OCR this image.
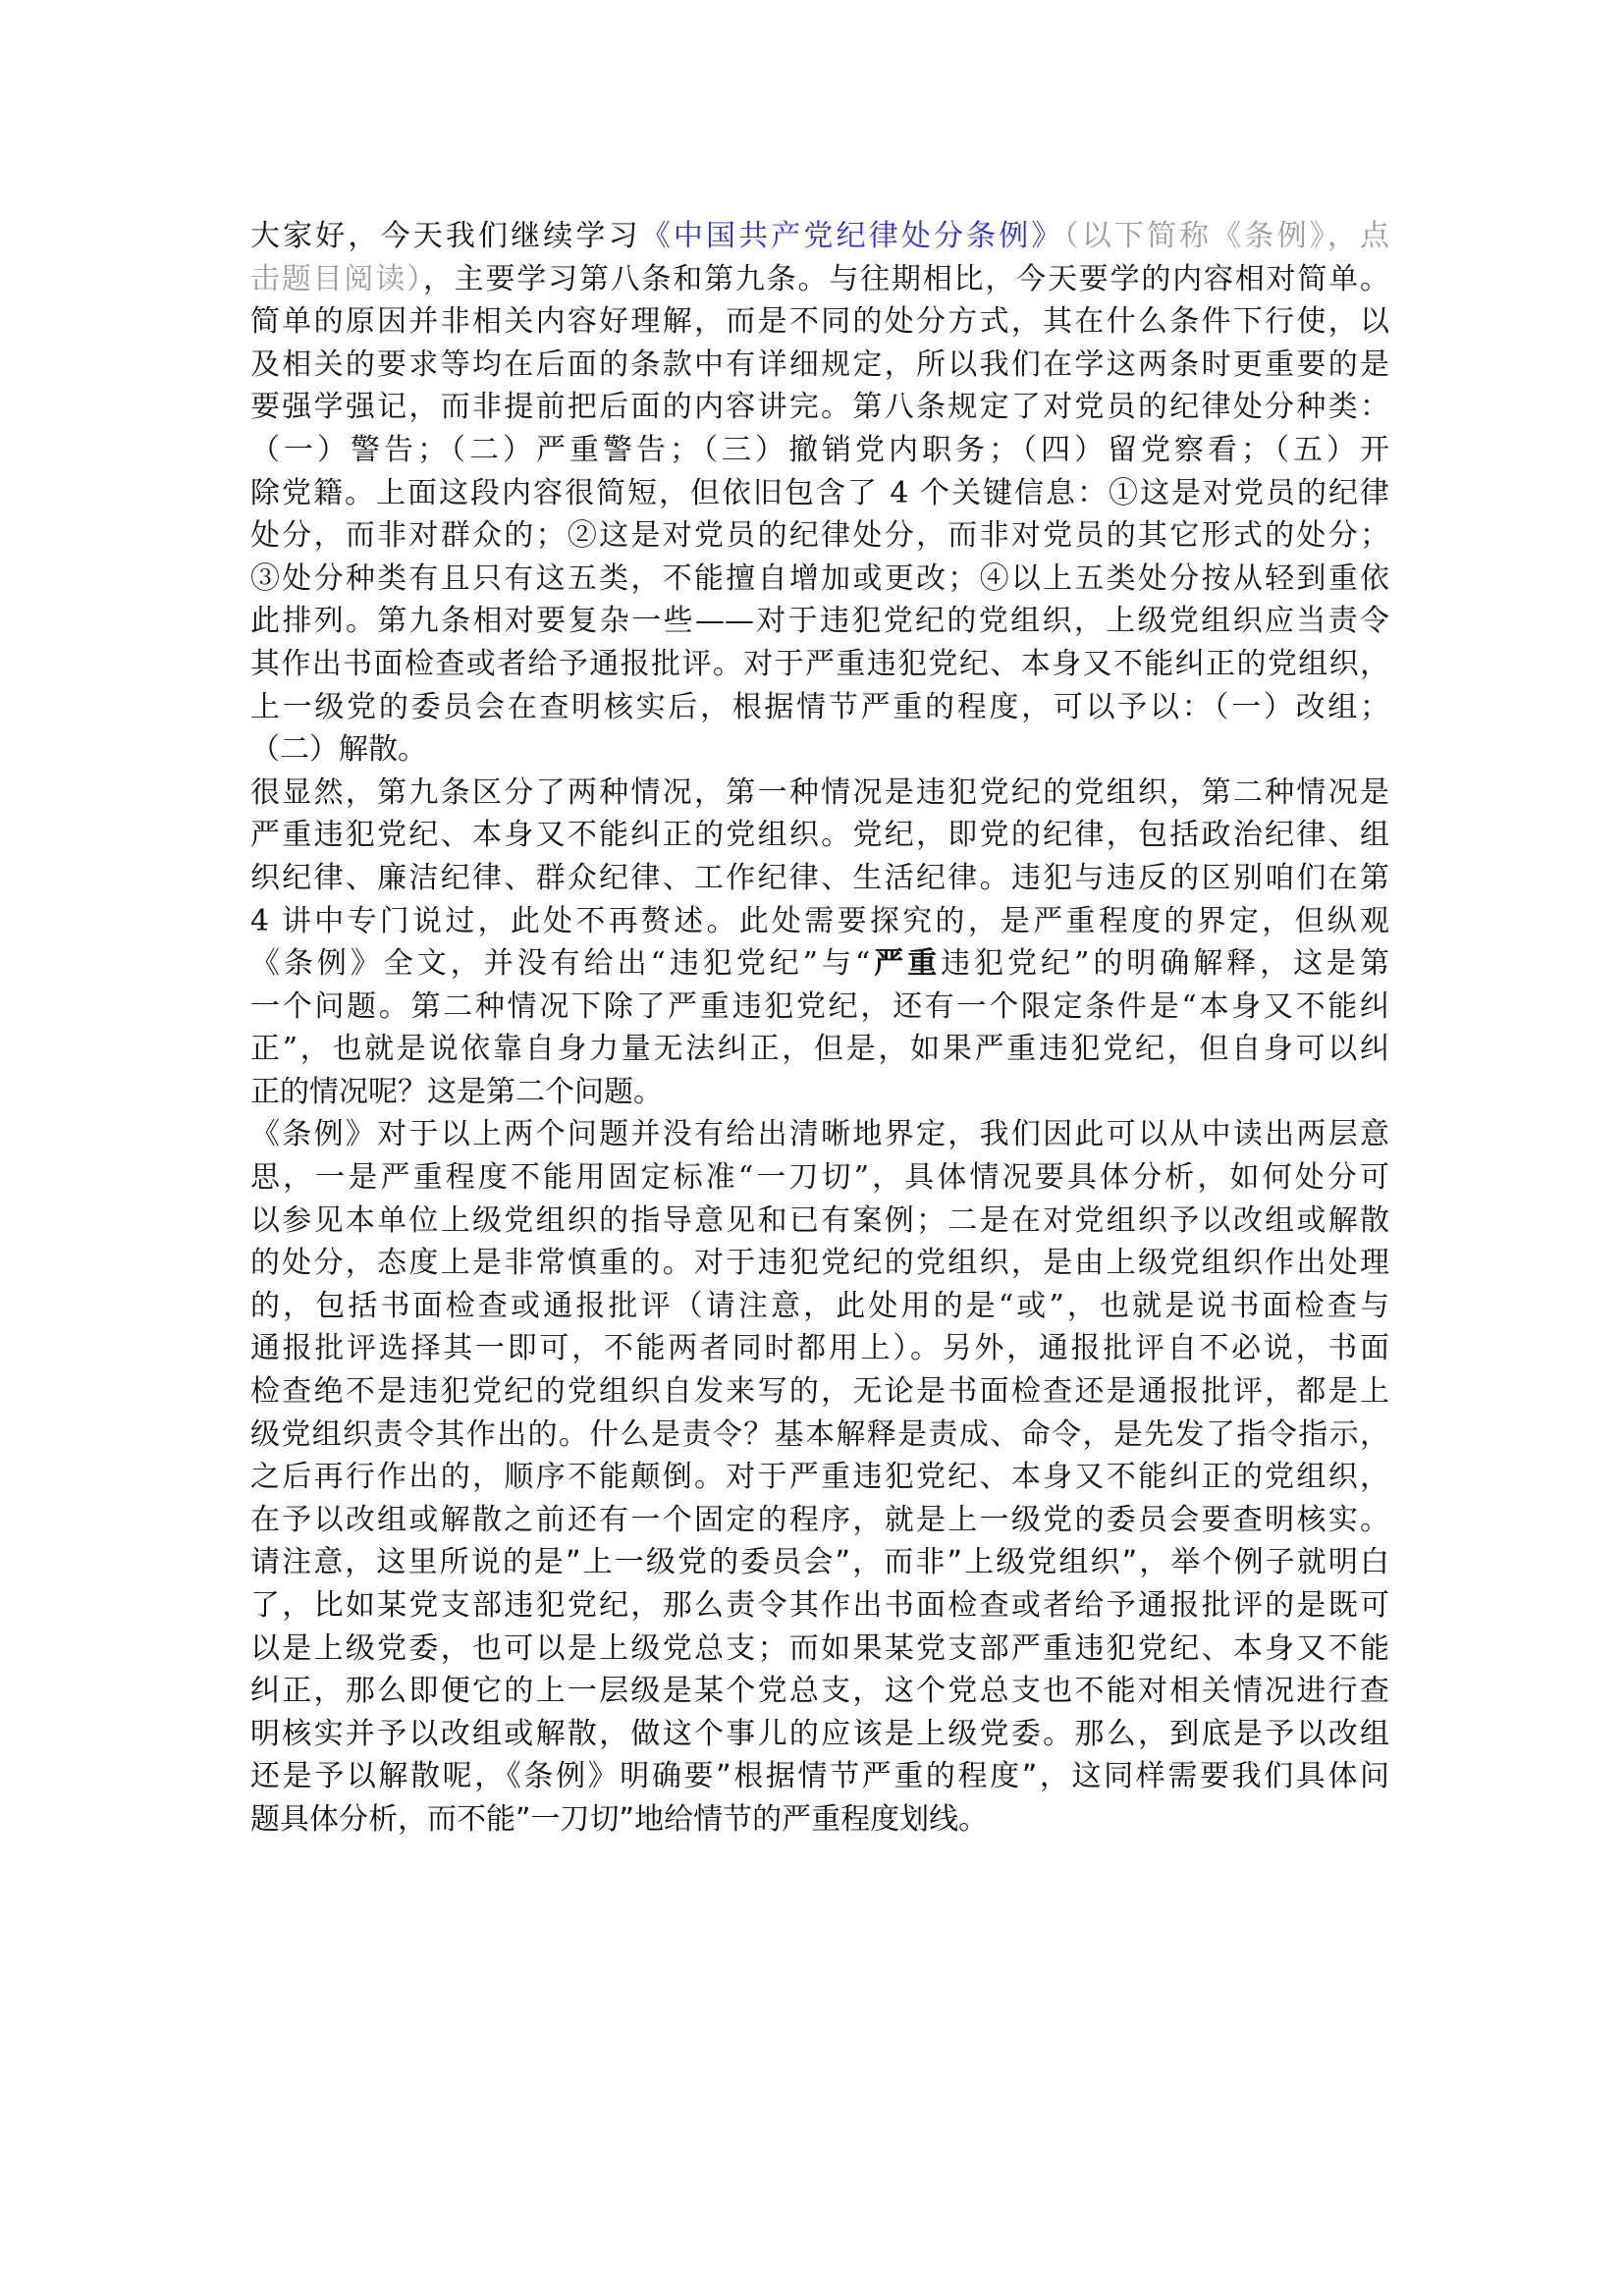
大家好，今天我们继续学习《中国共产党纪律处分条例》（以下简称《条例》，点
击题目阅读），主要学习第八条和第九条。与往期相比，今天要学的内容相对简单。
简单的原因并非相关内容好理解，而是不同的处分方式，其在什么条件下行使，以
及相关的要求等均在后面的条款中有详细规定，所以我们在学这两条时更重要的是
要强学强记，而非提前把后面的内容讲完。第八条规定了对党员的纪律处分种类：
（一）警告；（二）严重警告；（三）撤销党内职务；（四）留党察看；（五）开
除党籍。上面这段内容很简短，但依旧包含了 4 个关键信息：①这是对党员的纪律
处分，而非对群众的；②这是对党员的纪律处分，而非对党员的其它形式的处分；
③处分种类有且只有这五类，不能擅自增加或更改；④以上五类处分按从轻到重依
此排列。第九条相对要复杂一些——对于违犯党纪的党组织，上级党组织应当责令
其作出书面检查或者给予通报批评。对于严重违犯党纪、本身又不能纠正的党组织，
上一级党的委员会在查明核实后，根据情节严重的程度，可以予以：（一）改组；
（二）解散。
很显然，第九条区分了两种情况，第一种情况是违犯党纪的党组织，第二种情况是
严重违犯党纪、本身又不能纠正的党组织。党纪，即党的纪律，包括政治纪律、组
织纪律、廉洁纪律、群众纪律、工作纪律、生活纪律。违犯与违反的区别咱们在第
4 讲中专门说过，此处不再赘述。此处需要探究的，是严重程度的界定，但纵观
《条例》全文，并没有给出“违犯党纪”与“严重违犯党纪”的明确解释，这是第
一个问题。第二种情况下除了严重违犯党纪，还有一个限定条件是“本身又不能纠
正”，也就是说依靠自身力量无法纠正，但是，如果严重违犯党纪，但自身可以纠
正的情况呢？这是第二个问题。
《条例》对于以上两个问题并没有给出清晰地界定，我们因此可以从中读出两层意
思，一是严重程度不能用固定标准“一刀切”，具体情况要具体分析，如何处分可
以参见本单位上级党组织的指导意见和已有案例；二是在对党组织予以改组或解散
的处分，态度上是非常慎重的。对于违犯党纪的党组织，是由上级党组织作出处理
的，包括书面检查或通报批评（请注意，此处用的是“或”，也就是说书面检查与
通报批评选择其一即可，不能两者同时都用上）。另外，通报批评自不必说，书面
检查绝不是违犯党纪的党组织自发来写的，无论是书面检查还是通报批评，都是上
级党组织责令其作出的。什么是责令？基本解释是责成、命令，是先发了指令指示，
之后再行作出的，顺序不能颠倒。对于严重违犯党纪、本身又不能纠正的党组织，
在予以改组或解散之前还有一个固定的程序，就是上一级党的委员会要查明核实。
请注意，这里所说的是”上一级党的委员会”，而非”上级党组织”，举个例子就明白
了，比如某党支部违犯党纪，那么责令其作出书面检查或者给予通报批评的是既可
以是上级党委，也可以是上级党总支；而如果某党支部严重违犯党纪、本身又不能
纠正，那么即便它的上一层级是某个党总支，这个党总支也不能对相关情况进行查
明核实并予以改组或解散，做这个事儿的应该是上级党委。那么，到底是予以改组
还是予以解散呢，《条例》明确要”根据情节严重的程度”，这同样需要我们具体问
题具体分析，而不能”一刀切”地给情节的严重程度划线。
